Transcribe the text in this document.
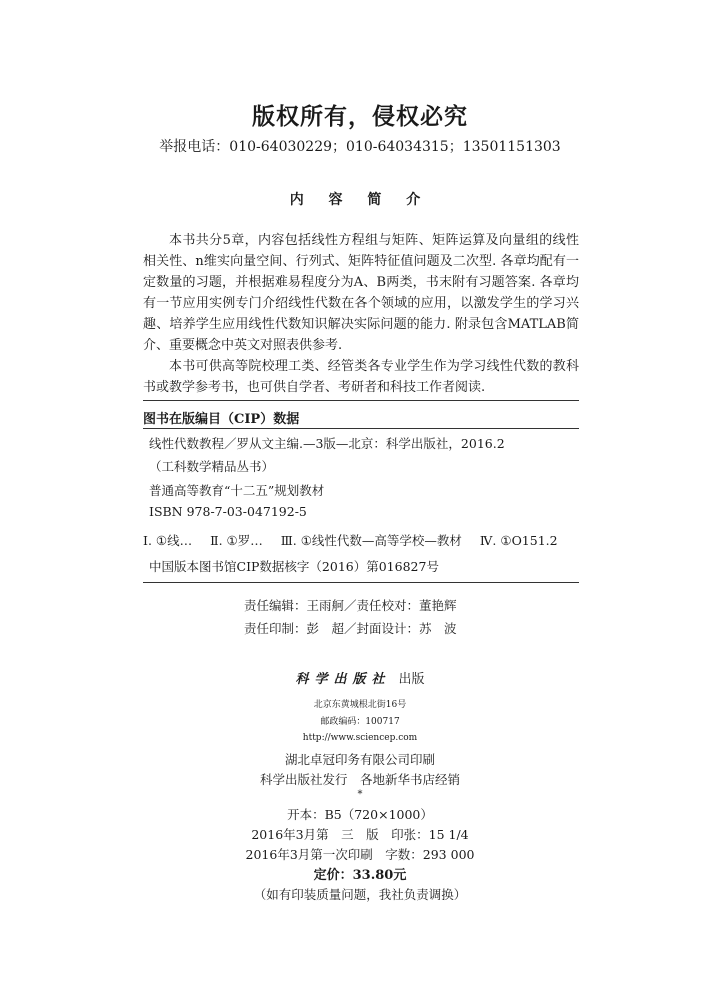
版权所有，侵权必究
举报电话：010-64030229；010-64034315；13501151303
内 容 简 介

本书共分5章，内容包括线性方程组与矩阵、矩阵运算及向量组的线性相关性、n维实向量空间、行列式、矩阵特征值问题及二次型. 各章均配有一定数量的习题，并根据难易程度分为A、B两类，书末附有习题答案. 各章均有一节应用实例专门介绍线性代数在各个领域的应用，以激发学生的学习兴趣、培养学生应用线性代数知识解决实际问题的能力. 附录包含MATLAB简介、重要概念中英文对照表供参考.

本书可供高等院校理工类、经管类各专业学生作为学习线性代数的教科书或教学参考书，也可供自学者、考研者和科技工作者阅读.

图书在版编目（CIP）数据
线性代数教程／罗从文主编.—3版—北京：科学出版社，2016.2
（工科数学精品丛书）
普通高等教育“十二五”规划教材
ISBN 978-7-03-047192-5
Ⅰ. ①线… Ⅱ. ①罗… Ⅲ. ①线性代数—高等学校—教材 Ⅳ. ①O151.2
中国版本图书馆CIP数据核字（2016）第016827号
责任编辑：王雨舸／责任校对：董艳辉
责任印制：彭　超／封面设计：苏　波
科学出版社 出版
北京东黄城根北街16号
邮政编码：100717
http://www.sciencep.com
湖北卓冠印务有限公司印刷
科学出版社发行　各地新华书店经销
*
开本：B5（720×1000）
2016年3月第　三　版　印张：15 1/4
2016年3月第一次印刷　字数：293 000
定价：33.80元
（如有印装质量问题，我社负责调换）
